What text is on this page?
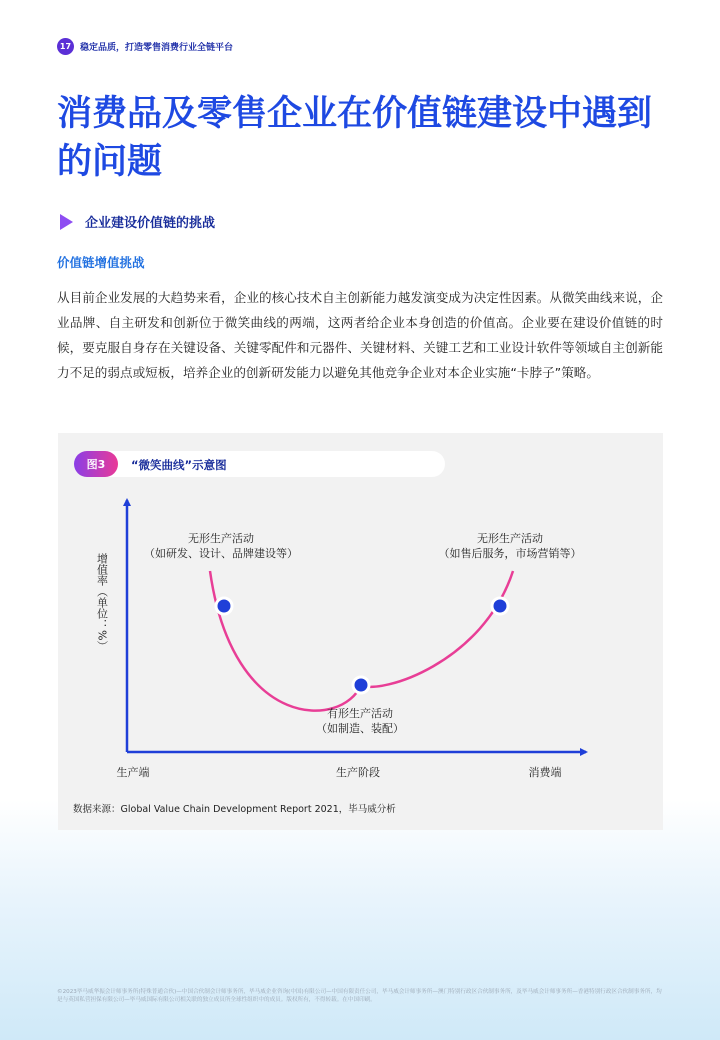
17 稳定品质，打造零售消费行业全链平台
消费品及零售企业在价值链建设中遇到的问题
企业建设价值链的挑战
价值链增值挑战
从目前企业发展的大趋势来看，企业的核心技术自主创新能力越发演变成为决定性因素。从微笑曲线来说，企业品牌、自主研发和创新位于微笑曲线的两端，这两者给企业本身创造的价值高。企业要在建设价值链的时候，要克服自身存在关键设备、关键零配件和元器件、关键材料、关键工艺和工业设计软件等领域自主创新能力不足的弱点或短板，培养企业的创新研发能力以避免其他竞争企业对本企业实施“卡脖子”策略。
图3	“微笑曲线”示意图
增值率（单位：%）
生产端	生产阶段	消费端
无形生产活动
（如研发、设计、品牌建设等）
有形生产活动
（如制造、装配）
无形生产活动
（如售后服务，市场营销等）
数据来源：Global Value Chain Development Report 2021，毕马威分析
©2023毕马威华振会计师事务所(特殊普通合伙)—中国合伙制会计师事务所，毕马威企业咨询(中国)有限公司—中国有限责任公司，毕马威会计师事务所—澳门特别行政区合伙制事务所，及毕马威会计师事务所—香港特别行政区合伙制事务所，均是与英国私营担保有限公司—毕马威国际有限公司相关联的独立成员所全球性组织中的成员。版权所有，不得转载。在中国印刷。
